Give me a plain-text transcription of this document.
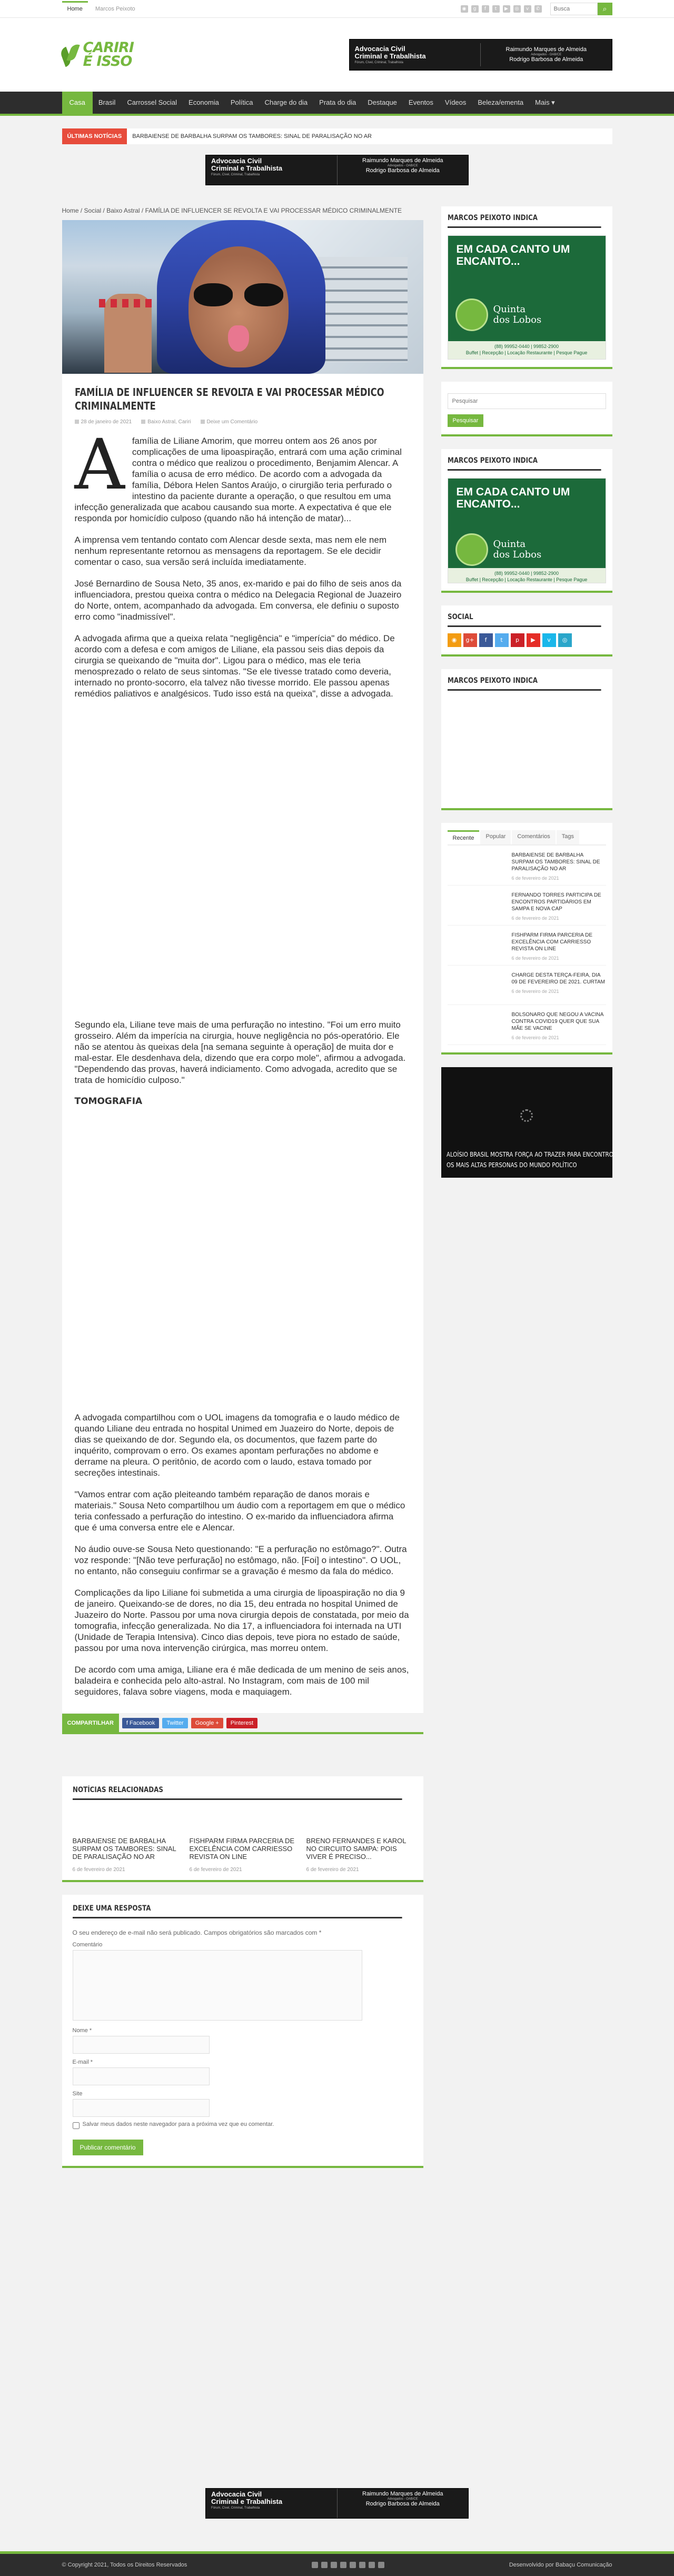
Home	Marcos Peixoto	◉	g	f	t	▶	◎	v	✆
Busca	⌕
CARIRI
É ISSO
Advocacia Civil
Criminal e Trabalhista
Fórum, Cível, Criminal, Trabalhista
Raimundo Marques de Almeida
Advogados - OAB/CE
Rodrigo Barbosa de Almeida
Casa	Brasil	Carrossel Social	Economia	Política	Charge do dia	Prata do dia	Destaque	Eventos	Vídeos	Beleza/ementa	Mais ▾
ÚLTIMAS NOTÍCIAS	BARBAIENSE DE BARBALHA SURPAM OS TAMBORES: SINAL DE PARALISAÇÃO NO AR
Advocacia Civil
Criminal e Trabalhista
Fórum, Cível, Criminal, Trabalhista
Raimundo Marques de Almeida
Advogados - OAB/CE
Rodrigo Barbosa de Almeida
Home / Social / Baixo Astral / FAMÍLIA DE INFLUENCER SE REVOLTA E VAI PROCESSAR MÉDICO CRIMINALMENTE
FAMÍLIA DE INFLUENCER SE REVOLTA E VAI PROCESSAR MÉDICO CRIMINALMENTE
28 de janeiro de 2021	Baixo Astral, Cariri	Deixe um Comentário

Afamília de Liliane Amorim, que morreu ontem aos 26 anos por complicações de uma lipoaspiração, entrará com uma ação criminal contra o médico que realizou o procedimento, Benjamim Alencar. A família o acusa de erro médico. De acordo com a advogada da família, Débora Helen Santos Araújo, o cirurgião teria perfurado o intestino da paciente durante a operação, o que resultou em uma infecção generalizada que acabou causando sua morte. A expectativa é que ele responda por homicídio culposo (quando não há intenção de matar)...

A imprensa vem tentando contato com Alencar desde sexta, mas nem ele nem nenhum representante retornou as mensagens da reportagem. Se ele decidir comentar o caso, sua versão será incluída imediatamente.

José Bernardino de Sousa Neto, 35 anos, ex-marido e pai do filho de seis anos da influenciadora, prestou queixa contra o médico na Delegacia Regional de Juazeiro do Norte, ontem, acompanhado da advogada. Em conversa, ele definiu o suposto erro como "inadmissível".

A advogada afirma que a queixa relata "negligência" e "imperícia" do médico. De acordo com a defesa e com amigos de Liliane, ela passou seis dias depois da cirurgia se queixando de "muita dor". Ligou para o médico, mas ele teria menosprezado o relato de seus sintomas. "Se ele tivesse tratado como deveria, internado no pronto-socorro, ela talvez não tivesse morrido. Ele passou apenas remédios paliativos e analgésicos. Tudo isso está na queixa", disse a advogada.

Segundo ela, Liliane teve mais de uma perfuração no intestino. "Foi um erro muito grosseiro. Além da imperícia na cirurgia, houve negligência no pós-operatório. Ele não se atentou às queixas dela [na semana seguinte à operação] de muita dor e mal-estar. Ele desdenhava dela, dizendo que era corpo mole", afirmou a advogada. "Dependendo das provas, haverá indiciamento. Como advogada, acredito que se trata de homicídio culposo."

TOMOGRAFIA

A advogada compartilhou com o UOL imagens da tomografia e o laudo médico de quando Liliane deu entrada no hospital Unimed em Juazeiro do Norte, depois de dias se queixando de dor. Segundo ela, os documentos, que fazem parte do inquérito, comprovam o erro. Os exames apontam perfurações no abdome e derrame na pleura. O peritônio, de acordo com o laudo, estava tomado por secreções intestinais.

"Vamos entrar com ação pleiteando também reparação de danos morais e materiais." Sousa Neto compartilhou um áudio com a reportagem em que o médico teria confessado a perfuração do intestino. O ex-marido da influenciadora afirma que é uma conversa entre ele e Alencar.

No áudio ouve-se Sousa Neto questionando: "E a perfuração no estômago?". Outra voz responde: "[Não teve perfuração] no estômago, não. [Foi] o intestino". O UOL, no entanto, não conseguiu confirmar se a gravação é mesmo da fala do médico.

Complicações da lipo Liliane foi submetida a uma cirurgia de lipoaspiração no dia 9 de janeiro. Queixando-se de dores, no dia 15, deu entrada no hospital Unimed de Juazeiro do Norte. Passou por uma nova cirurgia depois de constatada, por meio da tomografia, infecção generalizada. No dia 17, a influenciadora foi internada na UTI (Unidade de Terapia Intensiva). Cinco dias depois, teve piora no estado de saúde, passou por uma nova intervenção cirúrgica, mas morreu ontem.

De acordo com uma amiga, Liliane era é mãe dedicada de um menino de seis anos, baladeira e conhecida pelo alto-astral. No Instagram, com mais de 100 mil seguidores, falava sobre viagens, moda e maquiagem.

COMPARTILHAR	f Facebook	Twitter	Google +	Pinterest
NOTÍCIAS RELACIONADAS
BARBAIENSE DE BARBALHA SURPAM OS TAMBORES: SINAL DE PARALISAÇÃO NO AR
6 de fevereiro de 2021
FISHPARM FIRMA PARCERIA DE EXCELÊNCIA COM CARRIESSO REVISTA ON LINE
6 de fevereiro de 2021
BRENO FERNANDES E KAROL NO CIRCUITO SAMPA: POIS VIVER É PRECISO...
6 de fevereiro de 2021
DEIXE UMA RESPOSTA
O seu endereço de e-mail não será publicado. Campos obrigatórios são marcados com *
Comentário
Nome *
E-mail *
Site
Salvar meus dados neste navegador para a próxima vez que eu comentar.
Publicar comentário
MARCOS PEIXOTO INDICA
EM CADA CANTO UM ENCANTO...
Quinta
dos Lobos
(88) 99952-0440 | 99852-2900
Buffet | Recepção | Locação Restaurante | Pesque Pague
Pesquisar Pesquisar
MARCOS PEIXOTO INDICA
EM CADA CANTO UM ENCANTO...
Quinta
dos Lobos
(88) 99952-0440 | 99852-2900
Buffet | Recepção | Locação Restaurante | Pesque Pague
SOCIAL
◉	g+	f	t	p	▶	v	◎
MARCOS PEIXOTO INDICA
Recente	Popular	Comentários	Tags
BARBAIENSE DE BARBALHA SURPAM OS TAMBORES: SINAL DE PARALISAÇÃO NO AR
6 de fevereiro de 2021
FERNANDO TORRES PARTICIPA DE ENCONTROS PARTIDÁRIOS EM SAMPA E NOVA CAP
6 de fevereiro de 2021
FISHPARM FIRMA PARCERIA DE EXCELÊNCIA COM CARRIESSO REVISTA ON LINE
6 de fevereiro de 2021
CHARGE DESTA TERÇA-FEIRA, DIA 09 DE FEVEREIRO DE 2021. CURTAM
6 de fevereiro de 2021
BOLSONARO QUE NEGOU A VACINA CONTRA COVID19 QUER QUE SUA MÃE SE VACINE
6 de fevereiro de 2021
ALOÍSIO BRASIL MOSTRA FORÇA AO TRAZER PARA ENCONTRO OS MAIS ALTAS PERSONAS DO MUNDO POLÍTICO
Advocacia Civil
Criminal e Trabalhista
Fórum, Cível, Criminal, Trabalhista
Raimundo Marques de Almeida
Advogados - OAB/CE
Rodrigo Barbosa de Almeida
© Copyright 2021, Todos os Direitos Reservados	Desenvolvido por Babaçu Comunicação
